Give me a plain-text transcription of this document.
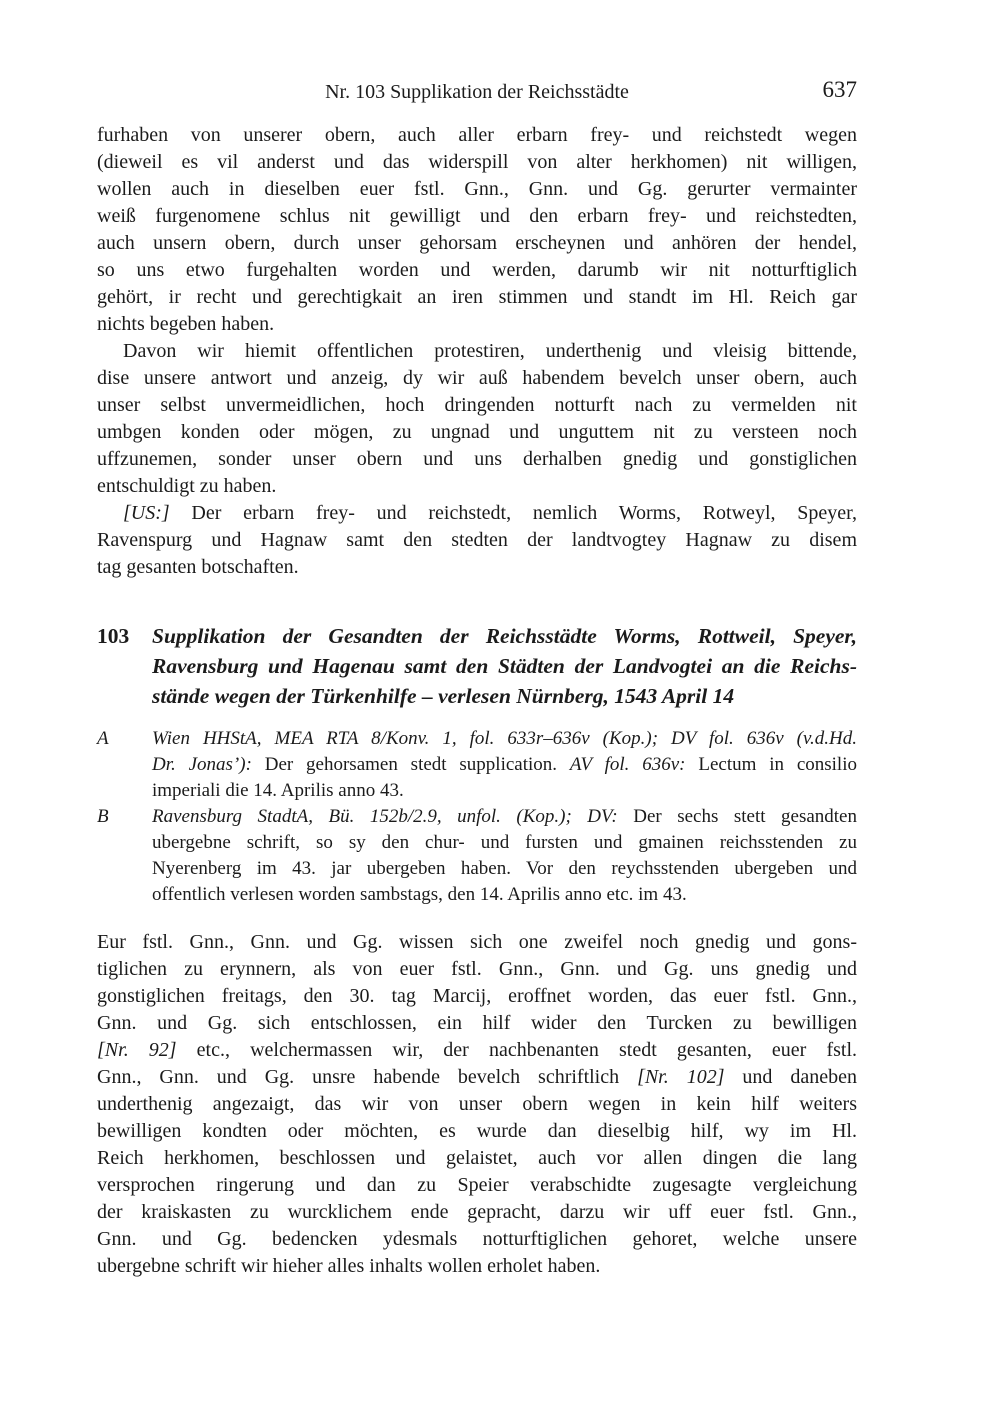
Nr. 103 Supplikation der Reichsstädte	637
furhaben von unserer obern, auch aller erbarn frey- und reichstedt wegen
(dieweil es vil anderst und das widerspill von alter herkhomen) nit willigen,
wollen auch in dieselben euer fstl. Gnn., Gnn. und Gg. gerurter vermainter
weiß furgenomene schlus nit gewilligt und den erbarn frey- und reichstedten,
auch unsern obern, durch unser gehorsam erscheynen und anhören der hendel,
so uns etwo furgehalten worden und werden, darumb wir nit notturftiglich
gehört, ir recht und gerechtigkait an iren stimmen und standt im Hl. Reich gar
nichts begeben haben.
Davon wir hiemit offentlichen protestiren, underthenig und vleisig bittende,
dise unsere antwort und anzeig, dy wir auß habendem bevelch unser obern, auch
unser selbst unvermeidlichen, hoch dringenden notturft nach zu vermelden nit
umbgen konden oder mögen, zu ungnad und unguttem nit zu versteen noch
uffzunemen, sonder unser obern und uns derhalben gnedig und gonstiglichen
entschuldigt zu haben.
[US:] Der erbarn frey- und reichstedt, nemlich Worms, Rotweyl, Speyer,
Ravenspurg und Hagnaw samt den stedten der landtvogtey Hagnaw zu disem
tag gesanten botschaften.
103	Supplikation der Gesandten der Reichsstädte Worms, Rottweil, Speyer,
Ravensburg und Hagenau samt den Städten der Landvogtei an die Reichs-
stände wegen der Türkenhilfe – verlesen Nürnberg, 1543 April 14
A	Wien HHStA, MEA RTA 8/Konv. 1, fol. 633r–636v (Kop.); DV fol. 636v (v.d.Hd.
Dr. Jonas’): Der gehorsamen stedt supplication. AV fol. 636v: Lectum in consilio
imperiali die 14. Aprilis anno 43.
B	Ravensburg StadtA, Bü. 152b/2.9, unfol. (Kop.); DV: Der sechs stett gesandten
ubergebne schrift, so sy den chur- und fursten und gmainen reichsstenden zu
Nyerenberg im 43. jar ubergeben haben. Vor den reychsstenden ubergeben und
offentlich verlesen worden sambstags, den 14. Aprilis anno etc. im 43.
Eur fstl. Gnn., Gnn. und Gg. wissen sich one zweifel noch gnedig und gons-
tiglichen zu erynnern, als von euer fstl. Gnn., Gnn. und Gg. uns gnedig und
gonstiglichen freitags, den 30. tag Marcij, eroffnet worden, das euer fstl. Gnn.,
Gnn. und Gg. sich entschlossen, ein hilf wider den Turcken zu bewilligen
[Nr. 92] etc., welchermassen wir, der nachbenanten stedt gesanten, euer fstl.
Gnn., Gnn. und Gg. unsre habende bevelch schriftlich [Nr. 102] und daneben
underthenig angezaigt, das wir von unser obern wegen in kein hilf weiters
bewilligen kondten oder möchten, es wurde dan dieselbig hilf, wy im Hl.
Reich herkhomen, beschlossen und gelaistet, auch vor allen dingen die lang
versprochen ringerung und dan zu Speier verabschidte zugesagte vergleichung
der kraiskasten zu wurcklichem ende gepracht, darzu wir uff euer fstl. Gnn.,
Gnn. und Gg. bedencken ydesmals notturftiglichen gehoret, welche unsere
ubergebne schrift wir hieher alles inhalts wollen erholet haben.
